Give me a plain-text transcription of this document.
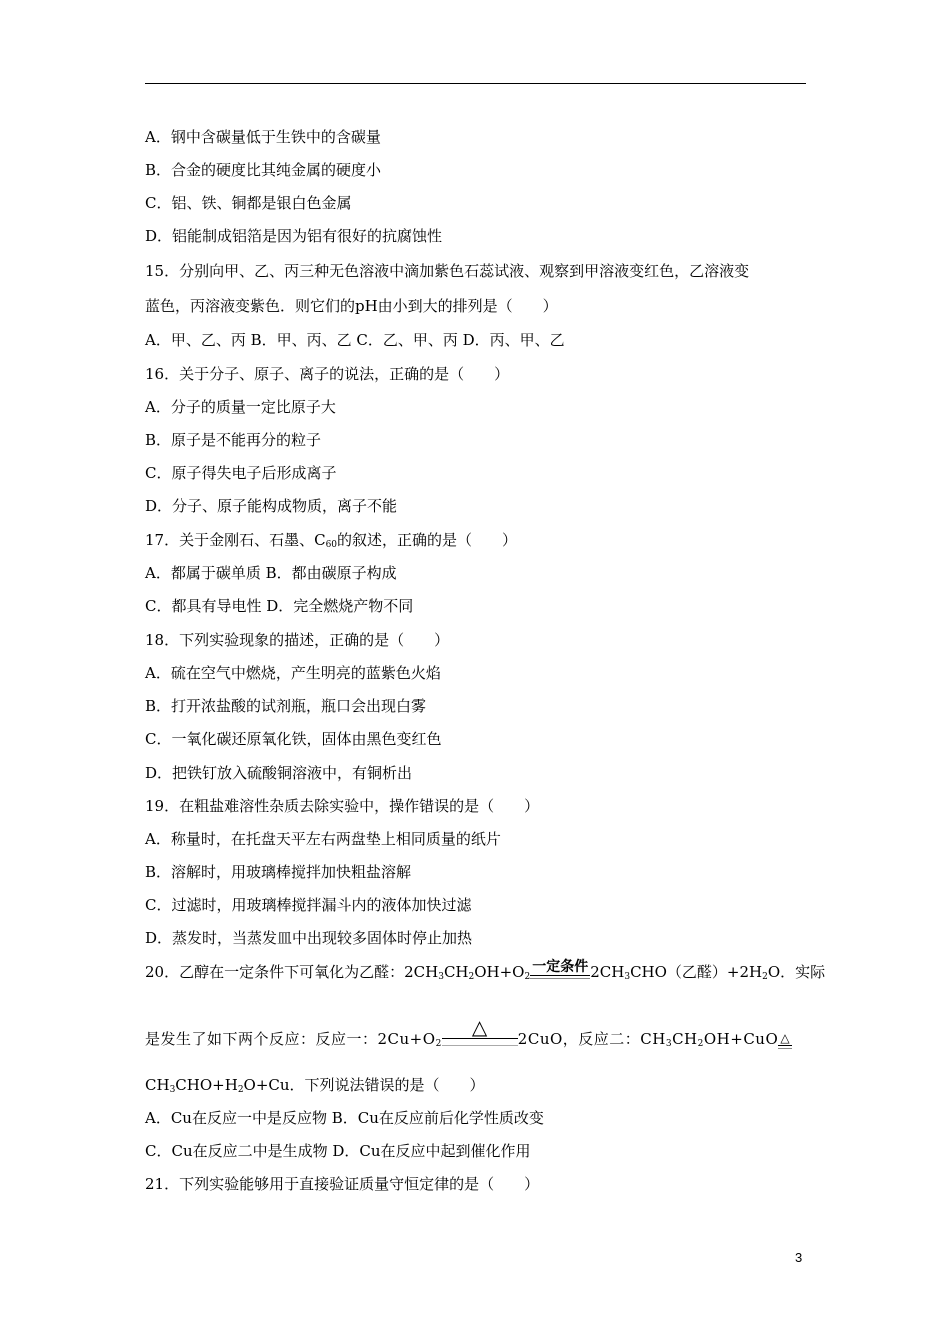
A．钢中含碳量低于生铁中的含碳量
B．合金的硬度比其纯金属的硬度小
C．铝、铁、铜都是银白色金属
D．铝能制成铝箔是因为铝有很好的抗腐蚀性
15．分别向甲、乙、丙三种无色溶液中滴加紫色石蕊试液、观察到甲溶液变红色，乙溶液变
蓝色，丙溶液变紫色．则它们的pH由小到大的排列是（　　）
A．甲、乙、丙 B．甲、丙、乙 C．乙、甲、丙 D．丙、甲、乙
16．关于分子、原子、离子的说法，正确的是（　　）
A．分子的质量一定比原子大
B．原子是不能再分的粒子
C．原子得失电子后形成离子
D．分子、原子能构成物质，离子不能
17．关于金刚石、石墨、$C_{60}$的叙述，正确的是（　　）
A．都属于碳单质 B．都由碳原子构成
C．都具有导电性 D．完全燃烧产物不同
18．下列实验现象的描述，正确的是（　　）
A．硫在空气中燃烧，产生明亮的蓝紫色火焰
B．打开浓盐酸的试剂瓶，瓶口会出现白雾
C．一氧化碳还原氧化铁，固体由黑色变红色
D．把铁钉放入硫酸铜溶液中，有铜析出
19．在粗盐难溶性杂质去除实验中，操作错误的是（　　）
A．称量时，在托盘天平左右两盘垫上相同质量的纸片
B．溶解时，用玻璃棒搅拌加快粗盐溶解
C．过滤时，用玻璃棒搅拌漏斗内的液体加快过滤
D．蒸发时，当蒸发皿中出现较多固体时停止加热
20．乙醇在一定条件下可氧化为乙醛：$2CH_3CH_2OH+O_2$
一定条件 $2CH_3CHO$（乙醛）$+2H_2O$．实际
是发生了如下两个反应：反应一：$2Cu+O_2$
△	2CuO，反应二：$CH_3CH_2OH+CuO$ △
$CH_3CHO+H_2O+Cu$．下列说法错误的是（　　）
A．Cu在反应一中是反应物 B．Cu在反应前后化学性质改变
C．Cu在反应二中是生成物 D．Cu在反应中起到催化作用
21．下列实验能够用于直接验证质量守恒定律的是（　　）
3
